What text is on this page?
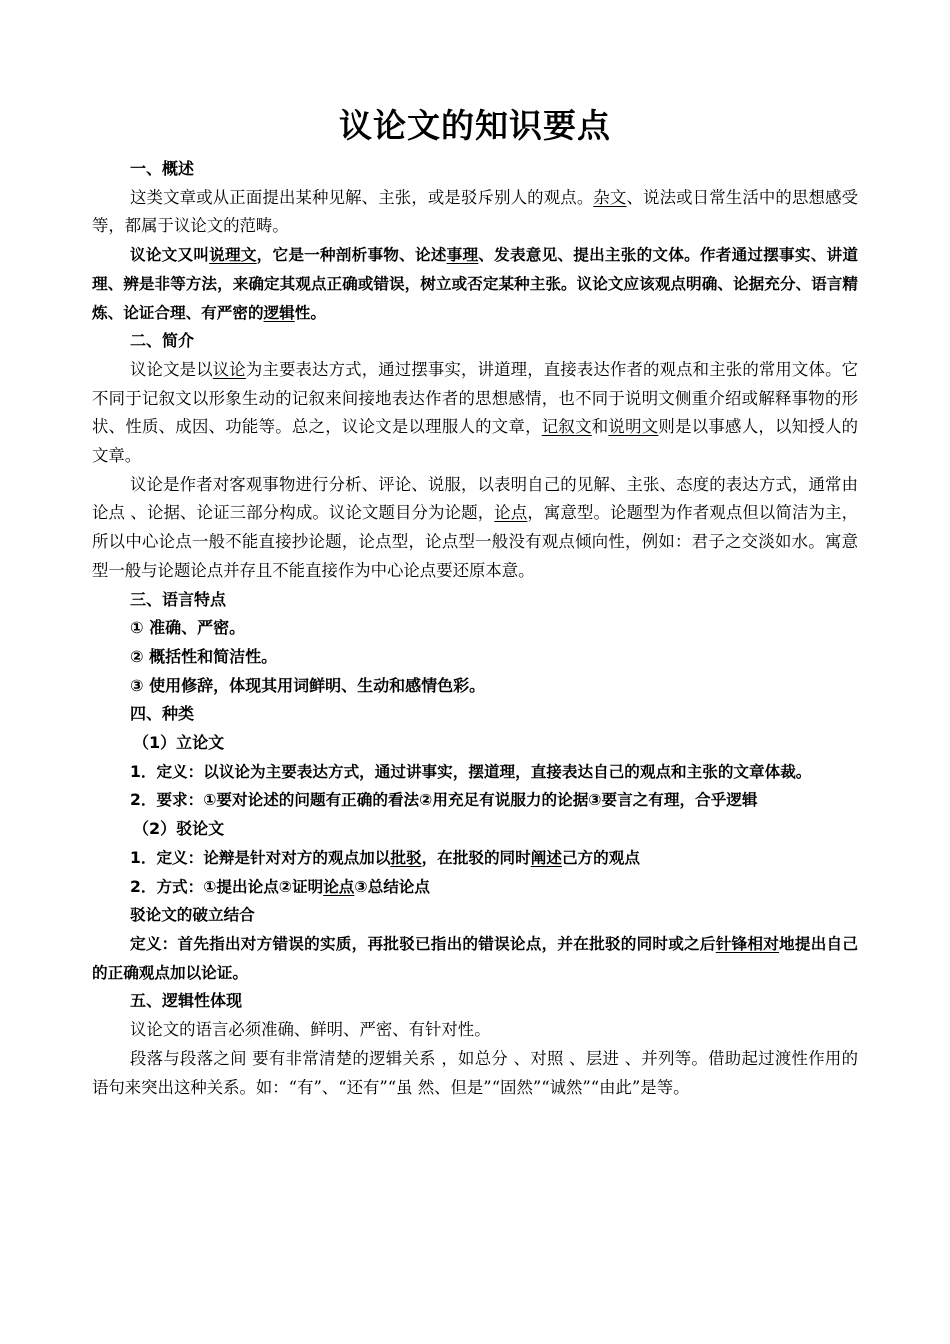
议论文的知识要点

一、概述

这类文章或从正面提出某种见解、主张，或是驳斥别人的观点。杂文、说法或日常生活中的思想感受等，都属于议论文的范畴。

议论文又叫说理文，它是一种剖析事物、论述事理、发表意见、提出主张的文体。作者通过摆事实、讲道理、辨是非等方法，来确定其观点正确或错误，树立或否定某种主张。议论文应该观点明确、论据充分、语言精炼、论证合理、有严密的逻辑性。

二、简介

议论文是以议论为主要表达方式，通过摆事实，讲道理，直接表达作者的观点和主张的常用文体。它不同于记叙文以形象生动的记叙来间接地表达作者的思想感情，也不同于说明文侧重介绍或解释事物的形状、性质、成因、功能等。总之，议论文是以理服人的文章，记叙文和说明文则是以事感人，以知授人的文章。

议论是作者对客观事物进行分析、评论、说服，以表明自己的见解、主张、态度的表达方式，通常由论点 、论据、论证三部分构成。议论文题目分为论题，论点，寓意型。论题型为作者观点但以简洁为主，所以中心论点一般不能直接抄论题，论点型，论点型一般没有观点倾向性，例如：君子之交淡如水。寓意型一般与论题论点并存且不能直接作为中心论点要还原本意。

三、语言特点

① 准确、严密。

② 概括性和简洁性。

③ 使用修辞，体现其用词鲜明、生动和感情色彩。

四、种类

（1）立论文

1．定义：以议论为主要表达方式，通过讲事实，摆道理，直接表达自己的观点和主张的文章体裁。

2．要求：①要对论述的问题有正确的看法②用充足有说服力的论据③要言之有理，合乎逻辑

（2）驳论文

1．定义：论辩是针对对方的观点加以批驳，在批驳的同时阐述己方的观点

2．方式：①提出论点②证明论点③总结论点

驳论文的破立结合

定义：首先指出对方错误的实质，再批驳已指出的错误论点，并在批驳的同时或之后针锋相对地提出自己的正确观点加以论证。

五、逻辑性体现

议论文的语言必须准确、鲜明、严密、有针对性。

段落与段落之间 要有非常清楚的逻辑关系 ，如总分 、对照 、层进 、并列等。借助起过渡性作用的语句来突出这种关系。如：“有”、“还有”“虽 然、但是”“固然”“诚然”“由此”是等。
